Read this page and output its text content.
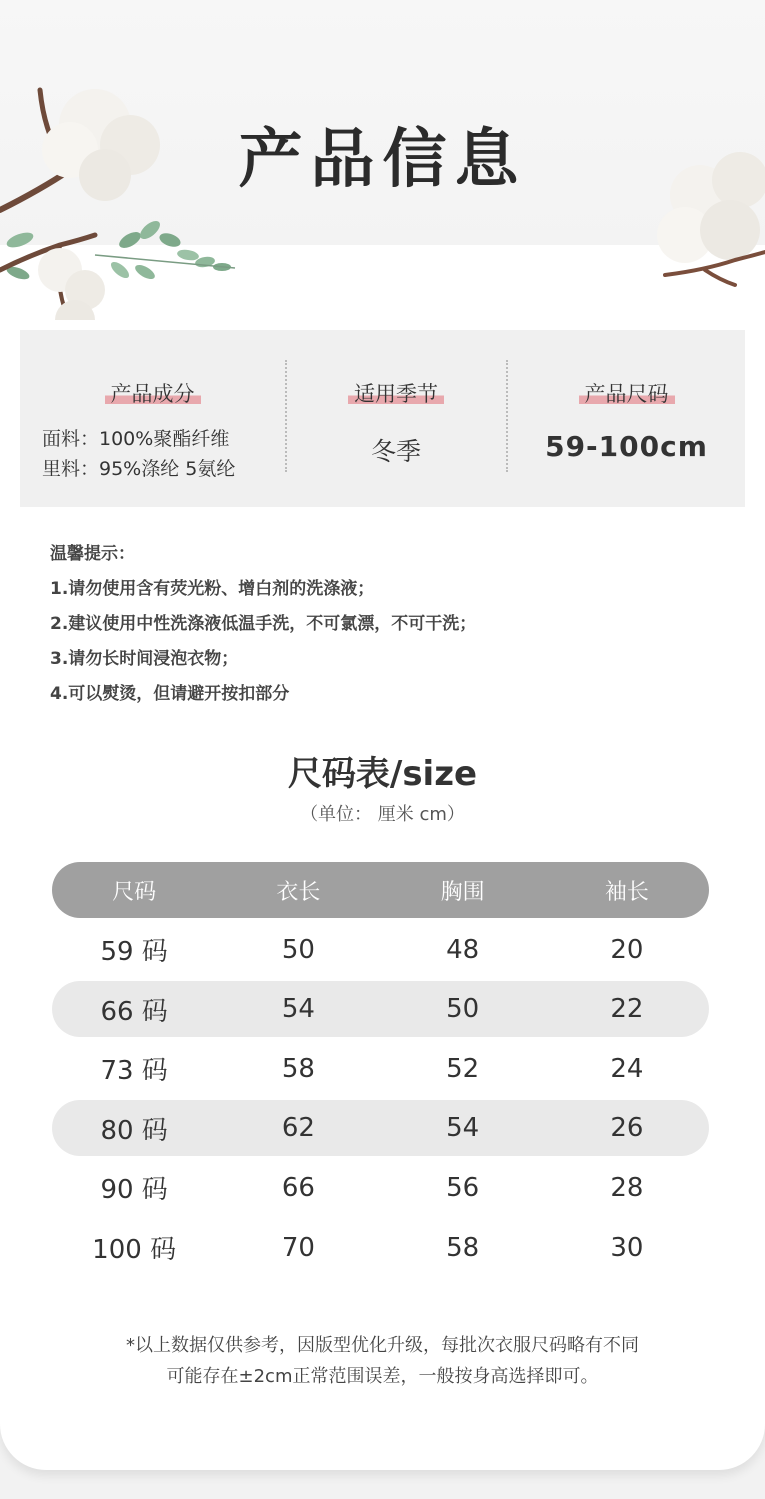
产品信息
产品成分
面料：100%聚酯纤维
里料：95%涤纶 5氨纶
适用季节
冬季
产品尺码
59-100cm
温馨提示：
1.请勿使用含有荧光粉、增白剂的洗涤液；
2.建议使用中性洗涤液低温手洗，不可氯漂，不可干洗；
3.请勿长时间浸泡衣物；
4.可以熨烫，但请避开按扣部分
尺码表/size
（单位： 厘米 cm）
尺码	衣长	胸围	袖长
59 码	50	48	20
66 码	54	50	22
73 码	58	52	24
80 码	62	54	26
90 码	66	56	28
100 码	70	58	30
*以上数据仅供参考，因版型优化升级，每批次衣服尺码略有不同
可能存在±2cm正常范围误差，一般按身高选择即可。
